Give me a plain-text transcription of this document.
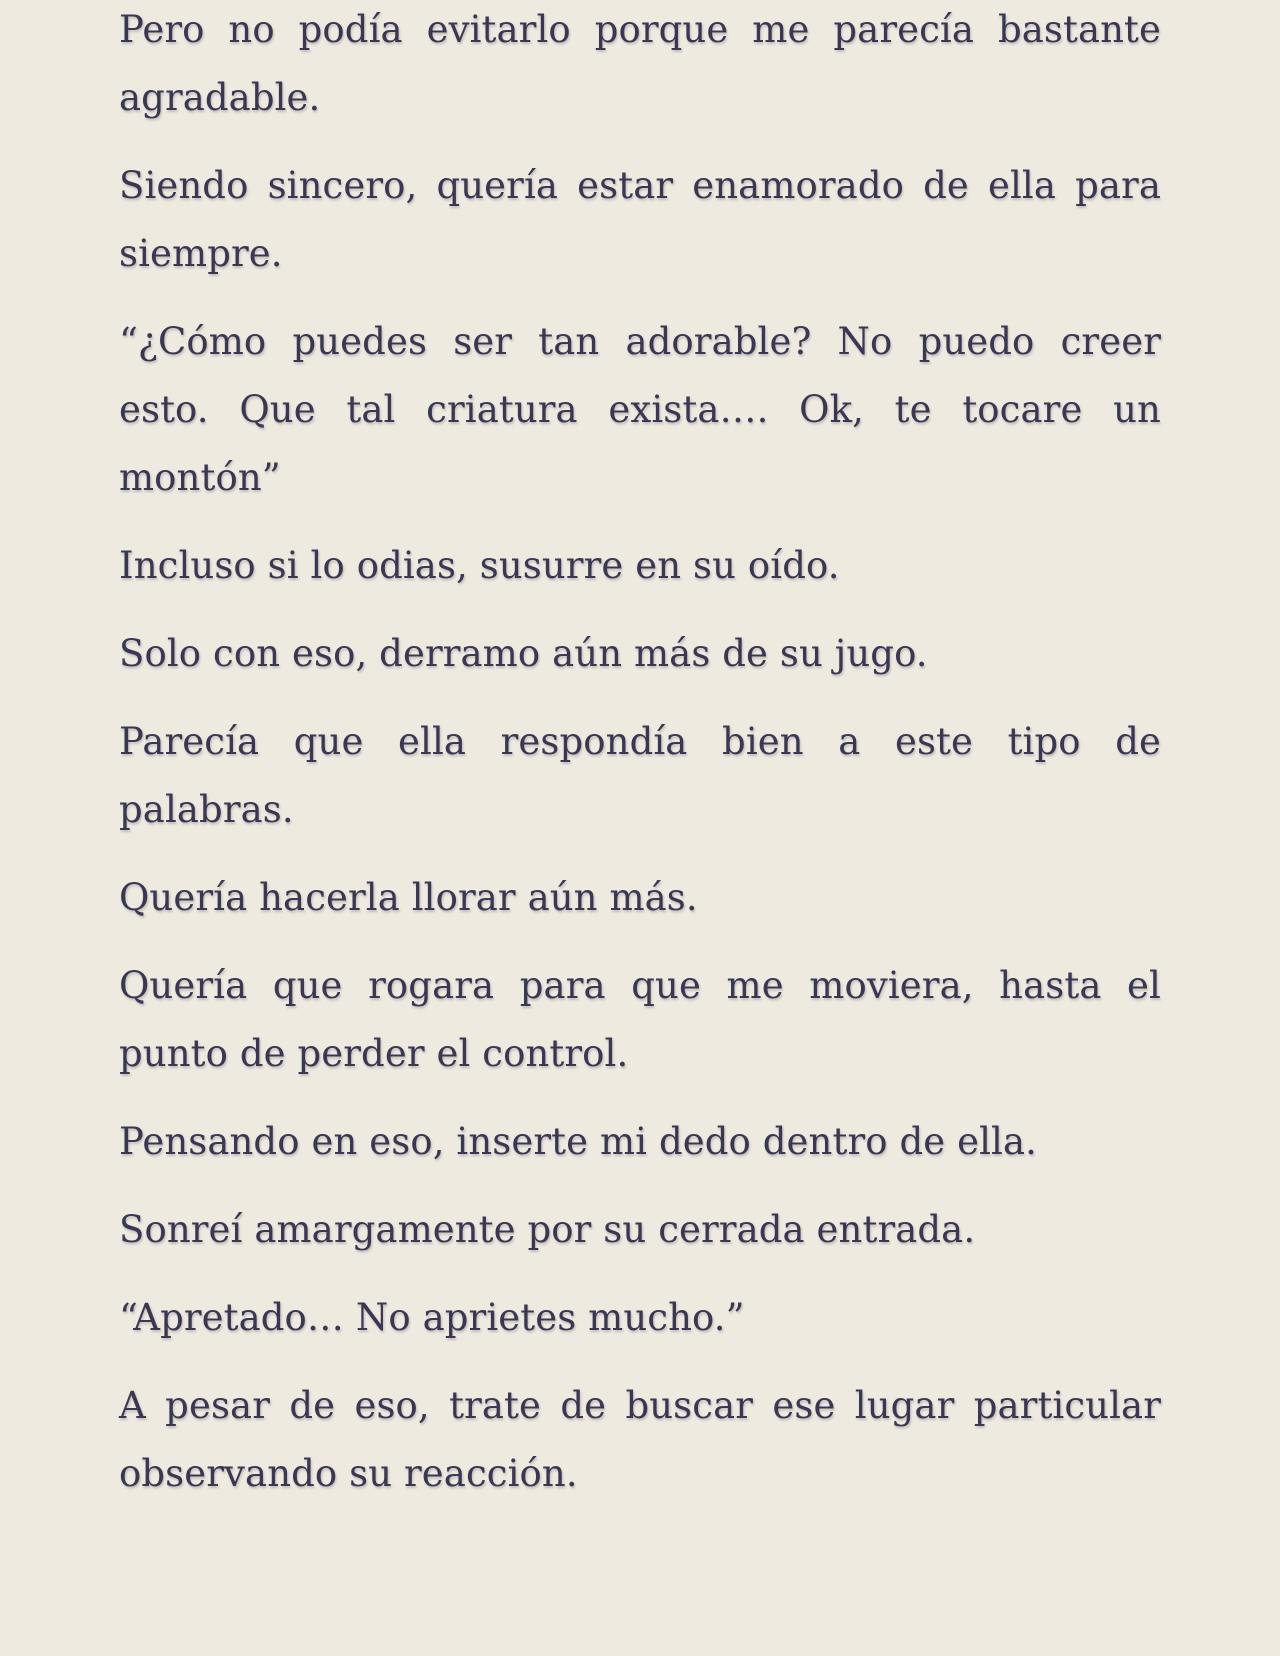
Pero no podía evitarlo porque me parecía bastante agradable.

Siendo sincero, quería estar enamorado de ella para siempre.

“¿Cómo puedes ser tan adorable? No puedo creer esto. Que tal criatura exista…. Ok, te tocare un montón”

Incluso si lo odias, susurre en su oído.

Solo con eso, derramo aún más de su jugo.

Parecía que ella respondía bien a este tipo de palabras.

Quería hacerla llorar aún más.

Quería que rogara para que me moviera, hasta el punto de perder el control.

Pensando en eso, inserte mi dedo dentro de ella.

Sonreí amargamente por su cerrada entrada.

“Apretado… No aprietes mucho.”

A pesar de eso, trate de buscar ese lugar particular observando su reacción.
